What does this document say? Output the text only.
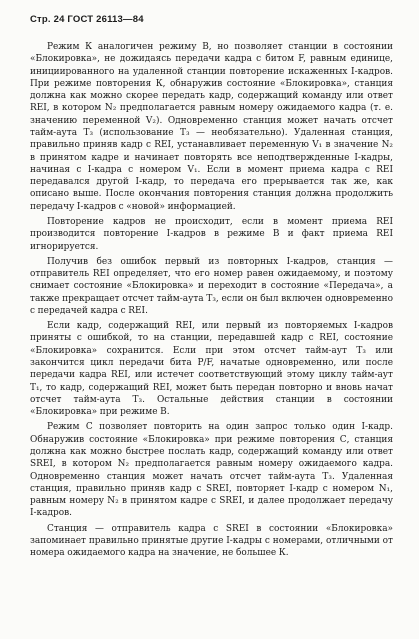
Стр. 24 ГОСТ 26113—84

Режим К аналогичен режиму В, но позволяет станции в состоянии «Блокировка», не дожидаясь передачи кадра с битом F, равным единице, инициированного на удаленной станции повторение искаженных I-кадров. При режиме повторения К, обнаружив состояние «Блокировка», станция должна как можно скорее передать кадр, содержащий команду или ответ REI, в котором N₂ предполагается равным номеру ожидаемого кадра (т. е. значению переменной V₂). Одновременно станция может начать отсчет тайм-аута T₃ (использование T₃ — необязательно). Удаленная станция, правильно приняв кадр с REI, устанавливает переменную V₁ в значение N₂ в принятом кадре и начинает повторять все неподтвержденные I-кадры, начиная с I-кадра с номером V₁. Если в момент приема кадра с REI передавался другой I-кадр, то передача его прерывается так же, как описано выше. После окончания повторения станция должна продолжить передачу I-кадров с «новой» информацией.

Повторение кадров не происходит, если в момент приема REI производится повторение I-кадров в режиме В и факт приема REI игнорируется.

Получив без ошибок первый из повторных I-кадров, станция — отправитель REI определяет, что его номер равен ожидаемому, и поэтому снимает состояние «Блокировка» и переходит в состояние «Передача», а также прекращает отсчет тайм-аута T₃, если он был включен одновременно с передачей кадра с REI.

Если кадр, содержащий REI, или первый из повторяемых I-кадров приняты с ошибкой, то на станции, передавшей кадр с REI, состояние «Блокировка» сохранится. Если при этом отсчет тайм-аут T₃ или закончится цикл передачи бита P/F, начатые одновременно, или после передачи кадра REI, или истечет соответствующий этому циклу тайм-аут T₁, то кадр, содержащий REI, может быть передан повторно и вновь начат отсчет тайм-аута T₃. Остальные действия станции в состоянии «Блокировка» при режиме В.

Режим С позволяет повторить на один запрос только один I-кадр. Обнаружив состояние «Блокировка» при режиме повторения С, станция должна как можно быстрее послать кадр, содержащий команду или ответ SREI, в котором N₂ предполагается равным номеру ожидаемого кадра. Одновременно станция может начать отсчет тайм-аута T₃. Удаленная станция, правильно приняв кадр с SREI, повторяет I-кадр с номером N₁, равным номеру N₂ в принятом кадре с SREI, и далее продолжает передачу I-кадров.

Станция — отправитель кадра с SREI в состоянии «Блокировка» запоминает правильно принятые другие I-кадры с номерами, отличными от номера ожидаемого кадра на значение, не большее К.
